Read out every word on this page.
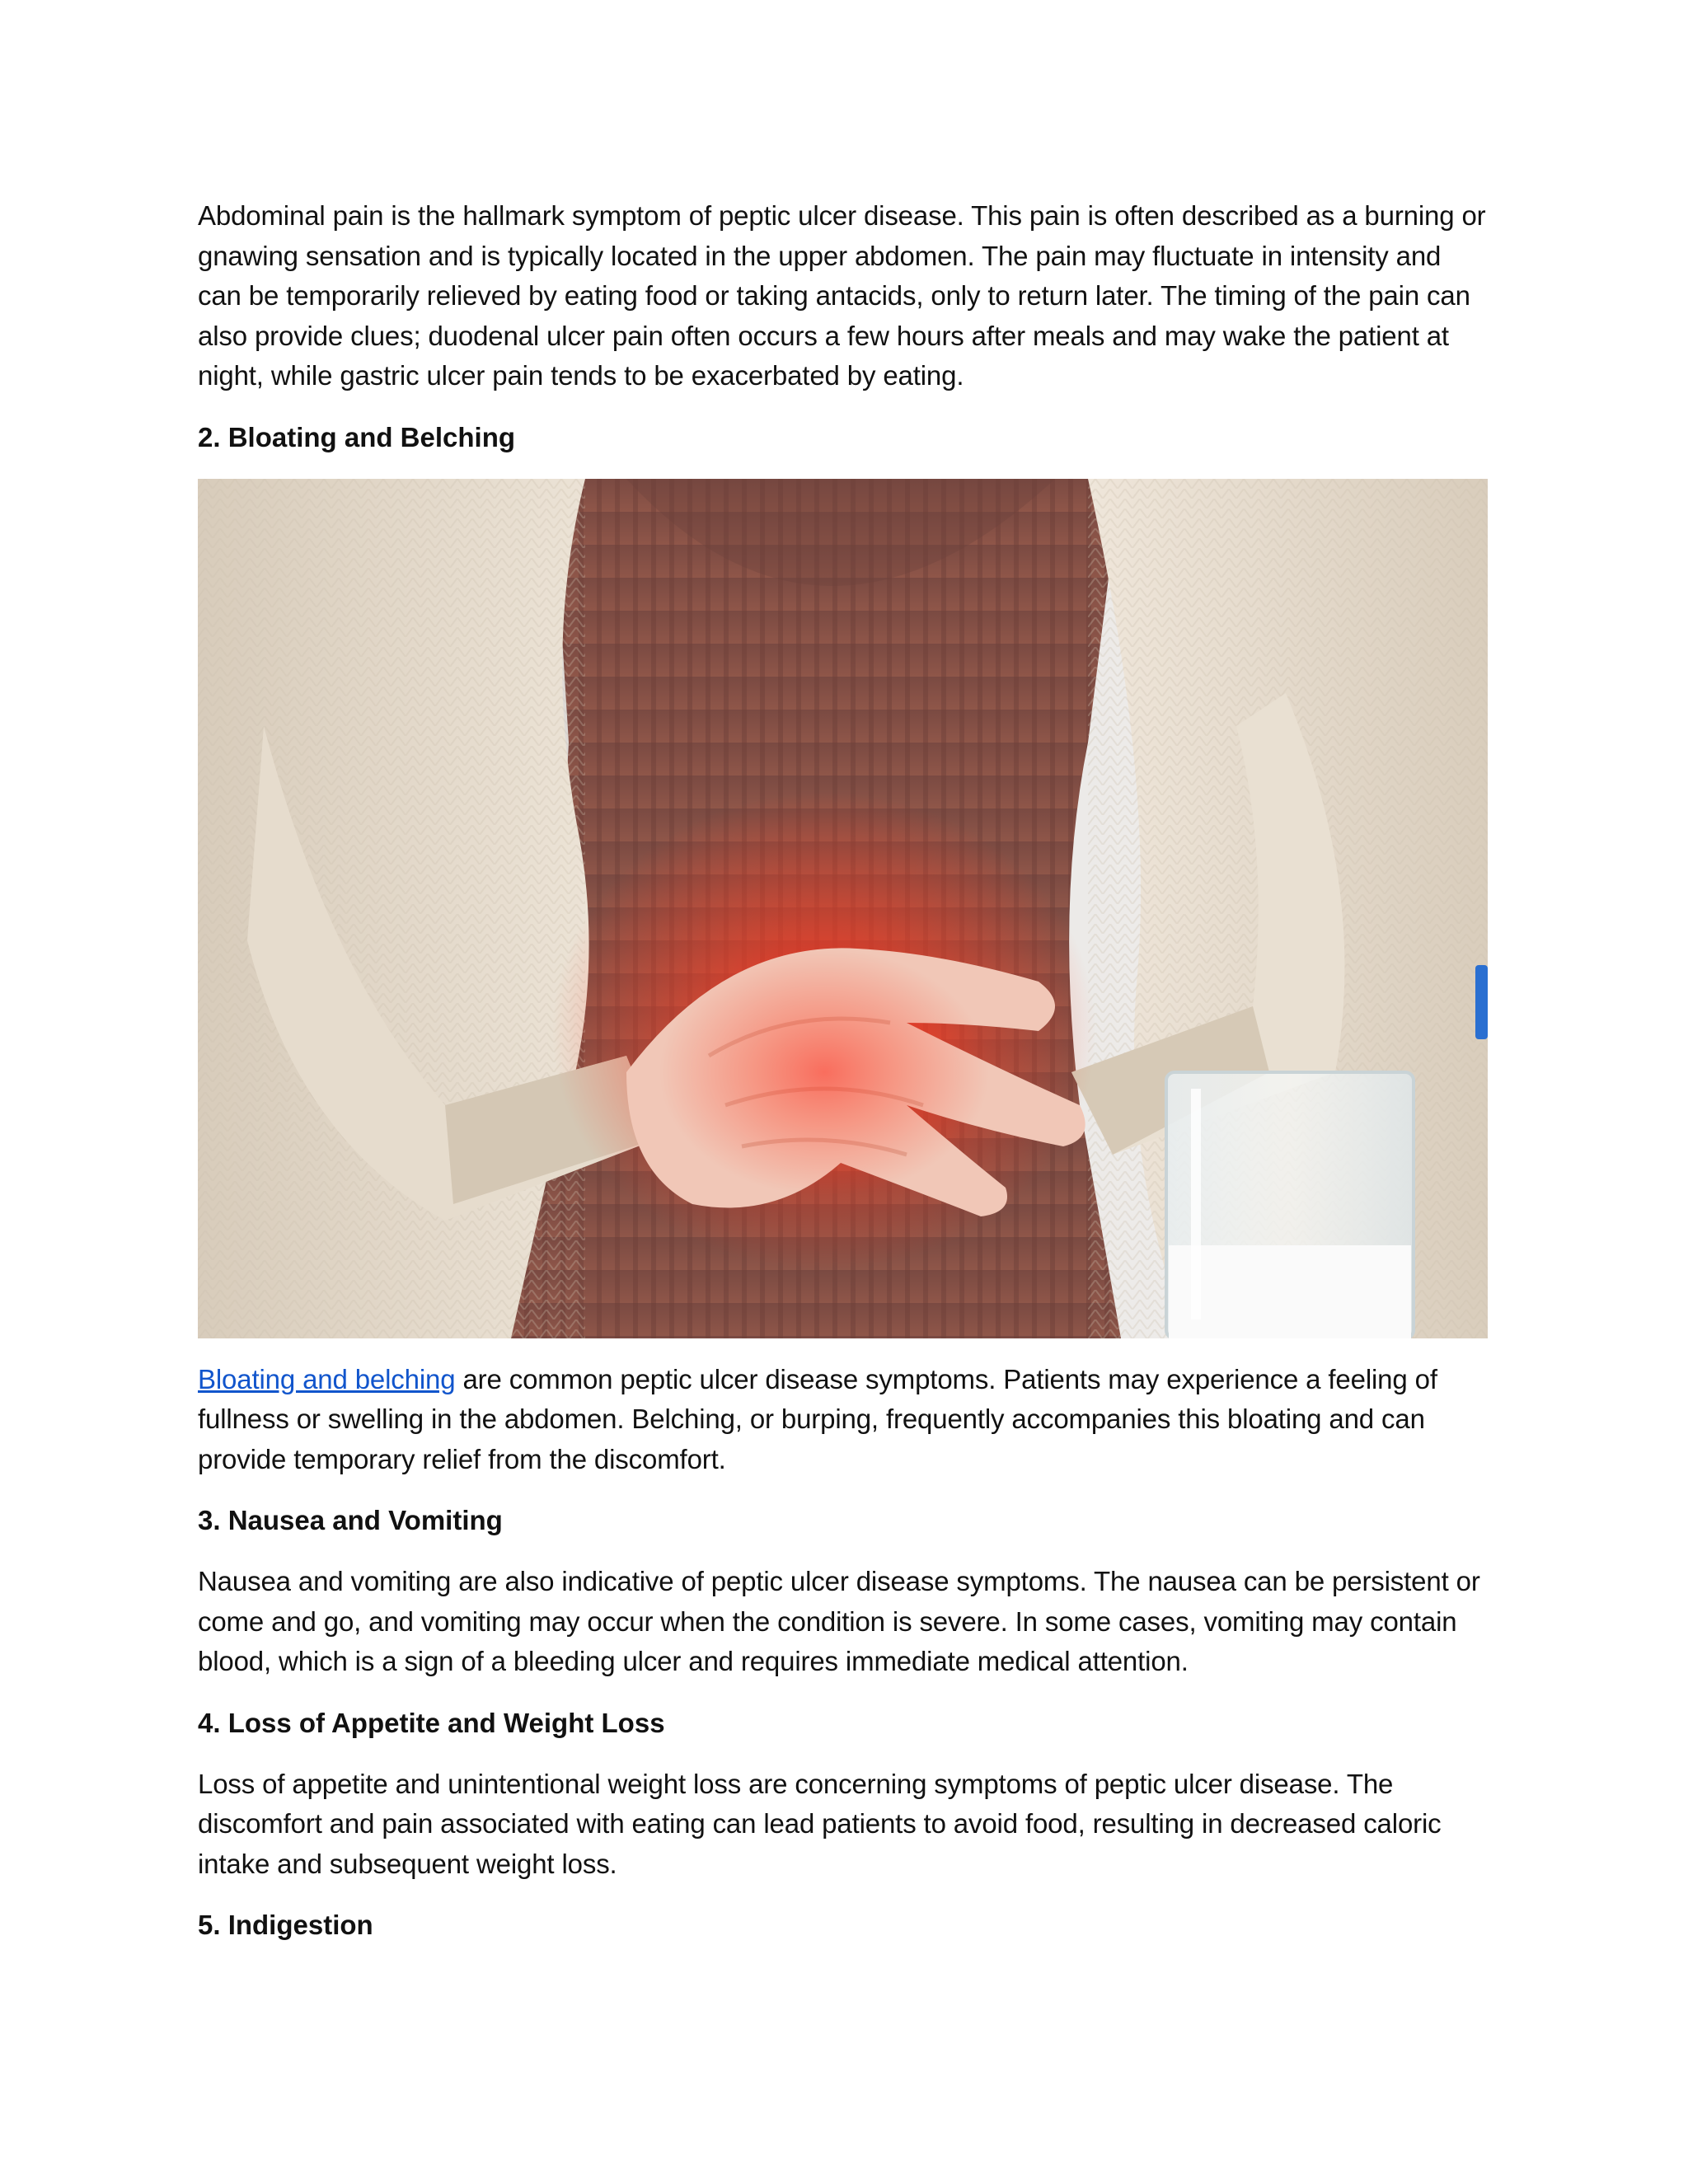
Abdominal pain is the hallmark symptom of peptic ulcer disease. This pain is often described as a burning or gnawing sensation and is typically located in the upper abdomen. The pain may fluctuate in intensity and can be temporarily relieved by eating food or taking antacids, only to return later. The timing of the pain can also provide clues; duodenal ulcer pain often occurs a few hours after meals and may wake the patient at night, while gastric ulcer pain tends to be exacerbated by eating.

2. Bloating and Belching

Bloating and belching are common peptic ulcer disease symptoms. Patients may experience a feeling of fullness or swelling in the abdomen. Belching, or burping, frequently accompanies this bloating and can provide temporary relief from the discomfort.

3. Nausea and Vomiting

Nausea and vomiting are also indicative of peptic ulcer disease symptoms. The nausea can be persistent or come and go, and vomiting may occur when the condition is severe. In some cases, vomiting may contain blood, which is a sign of a bleeding ulcer and requires immediate medical attention.

4. Loss of Appetite and Weight Loss

Loss of appetite and unintentional weight loss are concerning symptoms of peptic ulcer disease. The discomfort and pain associated with eating can lead patients to avoid food, resulting in decreased caloric intake and subsequent weight loss.

5. Indigestion
